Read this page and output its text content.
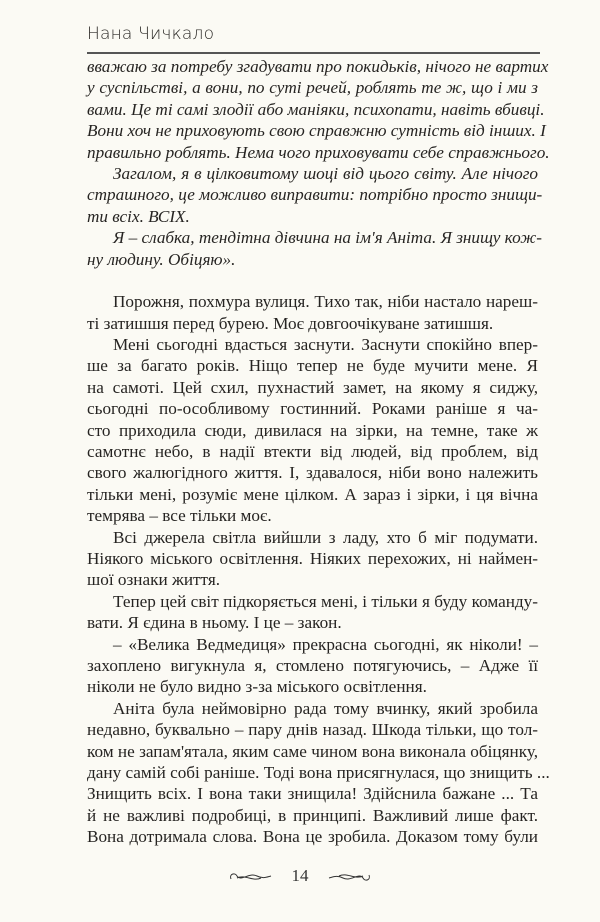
Нана Чичкало
вважаю за потребу згадувати про покидьків, нічого не вартих
у суспільстві, а вони, по суті речей, роблять те ж, що і ми з
вами. Це ті самі злодії або маніяки, психопати, навіть вбивці.
Вони хоч не приховують свою справжню сутність від інших. І
правильно роблять. Нема чого приховувати себе справжнього.
Загалом, я в цілковитому шоці від цього світу. Але нічого
страшного, це можливо виправити: потрібно просто знищи-
ти всіх. ВСІХ.
Я – слабка, тендітна дівчина на ім'я Аніта. Я знищу кож-
ну людину. Обіцяю».
Порожня, похмура вулиця. Тихо так, ніби настало нареш-
ті затишшя перед бурею. Моє довгоочікуване затишшя.
Мені сьогодні вдасться заснути. Заснути спокійно впер-
ше за багато років. Ніщо тепер не буде мучити мене. Я
на самоті. Цей схил, пухнастий замет, на якому я сиджу,
сьогодні по-особливому гостинний. Роками раніше я ча-
сто приходила сюди, дивилася на зірки, на темне, таке ж
самотнє небо, в надії втекти від людей, від проблем, від
свого жалюгідного життя. І, здавалося, ніби воно належить
тільки мені, розуміє мене цілком. А зараз і зірки, і ця вічна
темрява – все тільки моє.
Всі джерела світла вийшли з ладу, хто б міг подумати.
Ніякого міського освітлення. Ніяких перехожих, ні наймен-
шої ознаки життя.
Тепер цей світ підкоряється мені, і тільки я буду команду-
вати. Я єдина в ньому. І це – закон.
– «Велика Ведмедиця» прекрасна сьогодні, як ніколи! –
захоплено вигукнула я, стомлено потягуючись, – Адже її
ніколи не було видно з-за міського освітлення.
Аніта була неймовірно рада тому вчинку, який зробила
недавно, буквально – пару днів назад. Шкода тільки, що тол-
ком не запам'ятала, яким саме чином вона виконала обіцянку,
дану самій собі раніше. Тоді вона присягнулася, що знищить ...
Знищить всіх. І вона таки знищила! Здійснила бажане ... Та
й не важливі подробиці, в принципі. Важливий лише факт.
Вона дотримала слова. Вона це зробила. Доказом тому були
14
